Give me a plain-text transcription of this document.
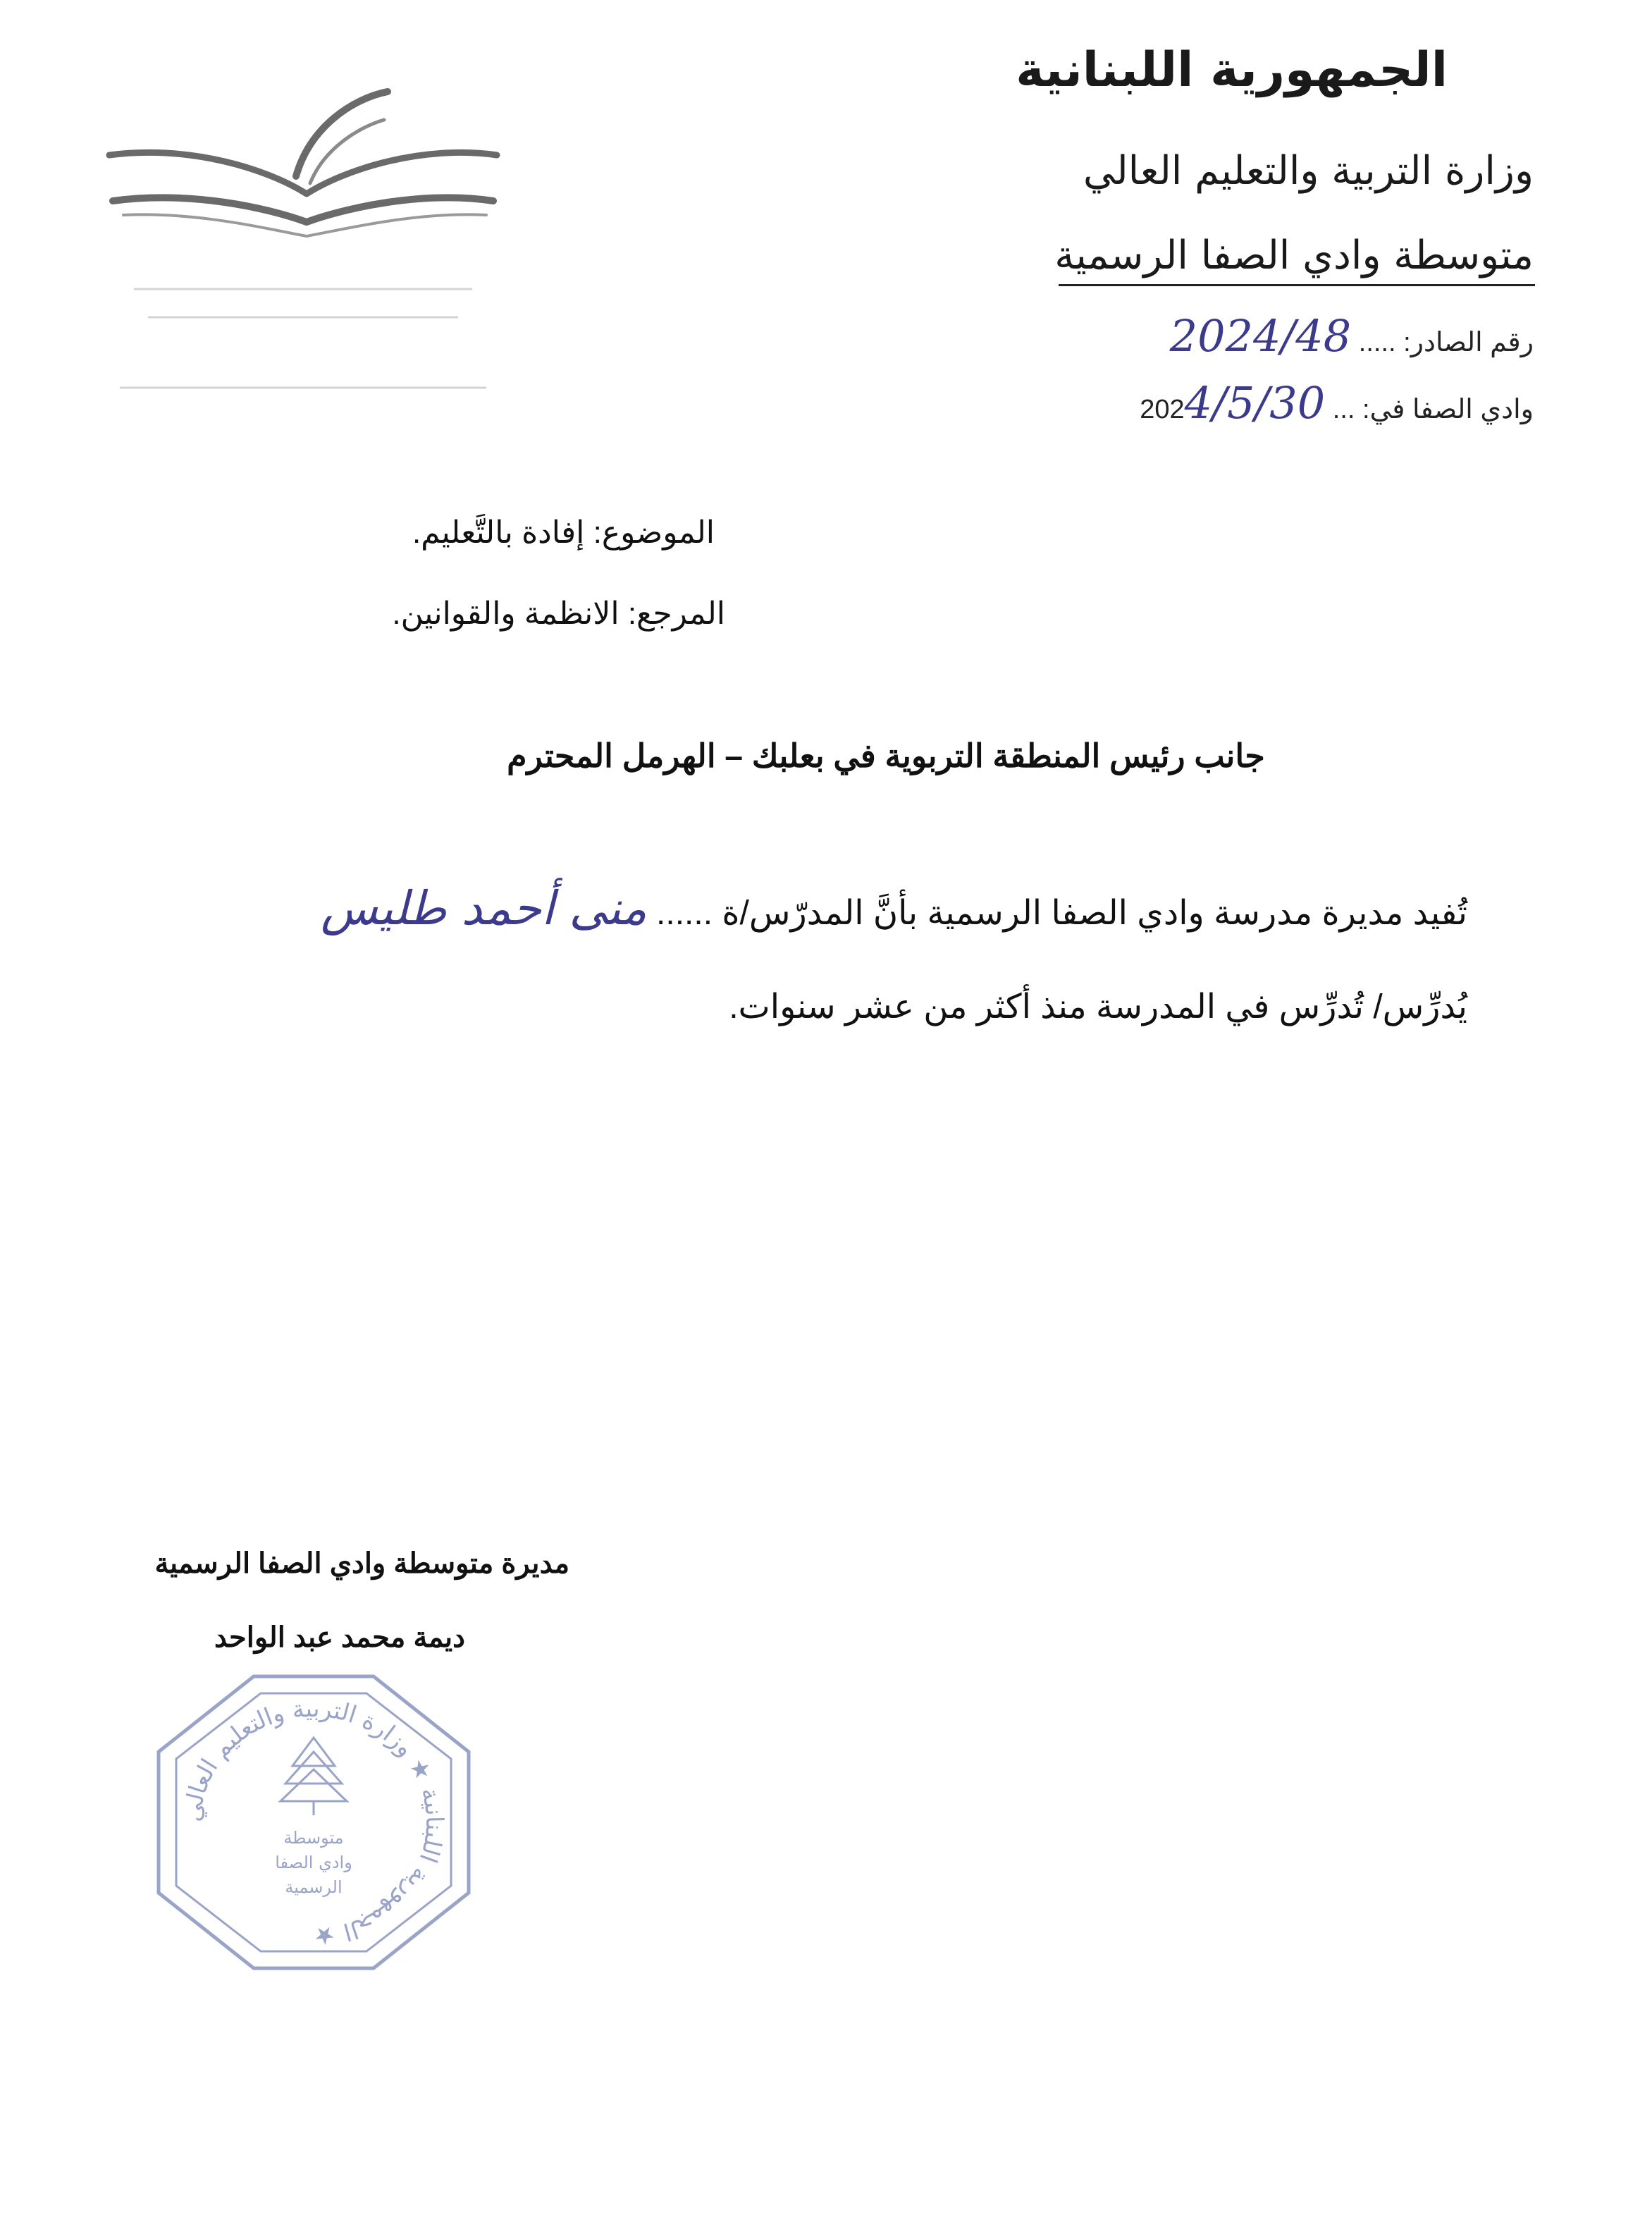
الجمهورية اللبنانية
وزارة التربية والتعليم العالي
متوسطة وادي الصفا الرسمية
رقم الصادر: ..... 2024/48
وادي الصفا في: ... 2024/5/30
الموضوع: إفادة بالتَّعليم.
المرجع: الانظمة والقوانين.
جانب رئيس المنطقة التربوية في بعلبك – الهرمل المحترم
تُفيد مديرة مدرسة وادي الصفا الرسمية بأنَّ المدرّس/ة ...... منى أحمد طليس
يُدرِّس/ تُدرِّس في المدرسة منذ أكثر من عشر سنوات.
مديرة متوسطة وادي الصفا الرسمية
ديمة محمد عبد الواحد
الجمهورية اللبنانية ★ وزارة التربية والتعليم العالي ★
متوسطة
وادي الصفا
الرسمية
